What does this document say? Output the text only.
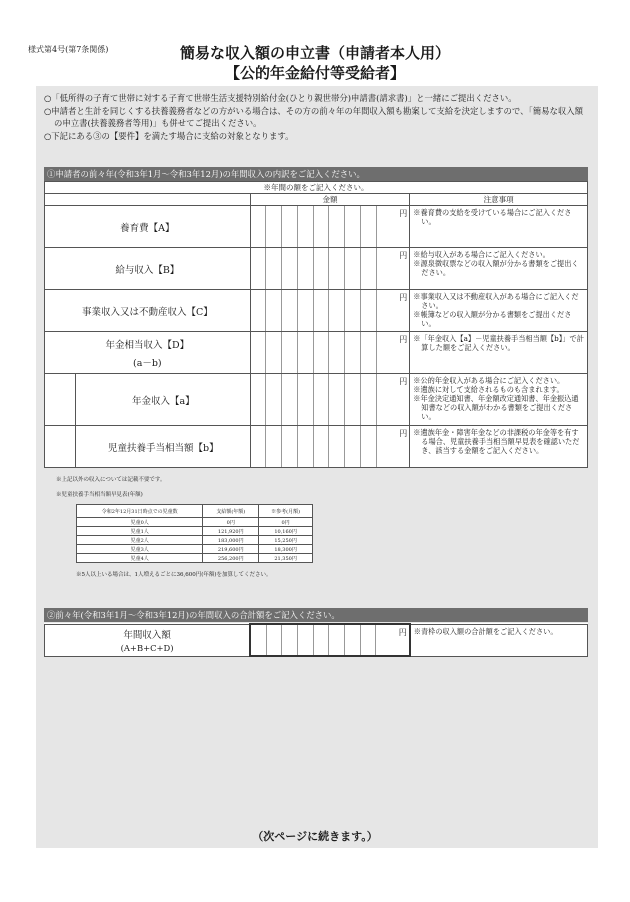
様式第4号(第7条関係)	簡易な収入額の申立書（申請者本人用）
【公的年金給付等受給者】

○「低所得の子育て世帯に対する子育て世帯生活支援特別給付金(ひとり親世帯分)申請書(請求書)」と一緒にご提出ください。

○申請者と生計を同じくする扶養義務者などの方がいる場合は、その方の前々年の年間収入額も勘案して支給を決定しますので、「簡易な収入額の申立書(扶養義務者等用)」も併せてご提出ください。

○下記にある③の【要件】を満たす場合に支給の対象となります。

①申請者の前々年(令和3年1月～令和3年12月)の年間収入の内訳をご記入ください。
※年間の額をご記入ください。		
	金額	注意事項
養育費【A】	円	※養育費の支給を受けている場合にご記入ください。

給与収入【B】	円	※給与収入がある場合にご記入ください。
※源泉徴収票などの収入額が分かる書類をご提出ください。

事業収入又は不動産収入【C】	円	※事業収入又は不動産収入がある場合にご記入ください。
※帳簿などの収入額が分かる書類をご提出ください。

年金相当収入【D】
(a－b)	円	※「年金収入【a】－児童扶養手当相当額【b】」で計算した額をご記入ください。

年金収入【a】	円	※公的年金収入がある場合にご記入ください。
※遺族に対して支給されるものも含まれます。
※年金決定通知書、年金額改定通知書、年金振込通知書などの収入額がわかる書類をご提出ください。

児童扶養手当相当額【b】	円	※遺族年金・障害年金などの非課税の年金等を有する場合、児童扶養手当相当額早見表を確認いただき、該当する金額をご記入ください。
※上記以外の収入については記載不要です。
※児童扶養手当相当額早見表(年額)
令和2年12月31日時点での児童数	支給額(年額)	※参考(月額)
児童0人	0円	0円
児童1人	121,920円	10,160円
児童2人	183,000円	15,250円
児童3人	219,600円	18,300円
児童4人	256,200円	21,350円
※5人以上いる場合は、1人増えるごとに36,600円(年額)を加算してください。
②前々年(令和3年1月～令和3年12月)の年間収入の合計額をご記入ください。
年間収入額
(A+B+C+D)

円	※青枠の収入額の合計額をご記入ください。
（次ページに続きます。）
